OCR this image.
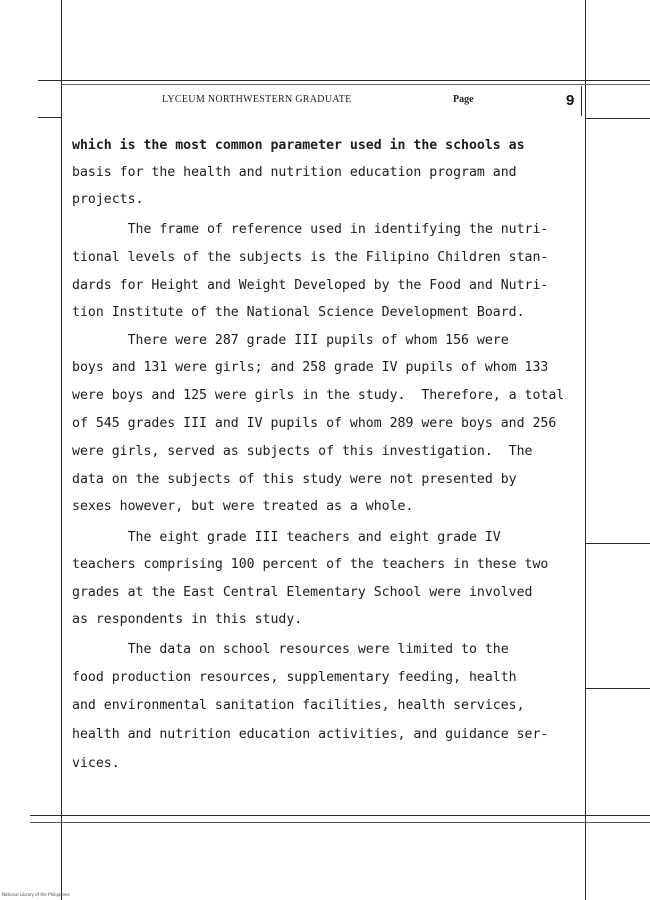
LYCEUM NORTHWESTERN GRADUATE	Page	9
which is the most common parameter used in the schools as
basis for the health and nutrition education program and
projects.
The frame of reference used in identifying the nutri-
tional levels of the subjects is the Filipino Children stan-
dards for Height and Weight Developed by the Food and Nutri-
tion Institute of the National Science Development Board.
There were 287 grade III pupils of whom 156 were
boys and 131 were girls; and 258 grade IV pupils of whom 133
were boys and 125 were girls in the study.  Therefore, a total
of 545 grades III and IV pupils of whom 289 were boys and 256
were girls, served as subjects of this investigation.  The
data on the subjects of this study were not presented by
sexes however, but were treated as a whole.
The eight grade III teachers and eight grade IV
teachers comprising 100 percent of the teachers in these two
grades at the East Central Elementary School were involved
as respondents in this study.
The data on school resources were limited to the
food production resources, supplementary feeding, health
and environmental sanitation facilities, health services,
health and nutrition education activities, and guidance ser-
vices.
National Library of the Philippines
